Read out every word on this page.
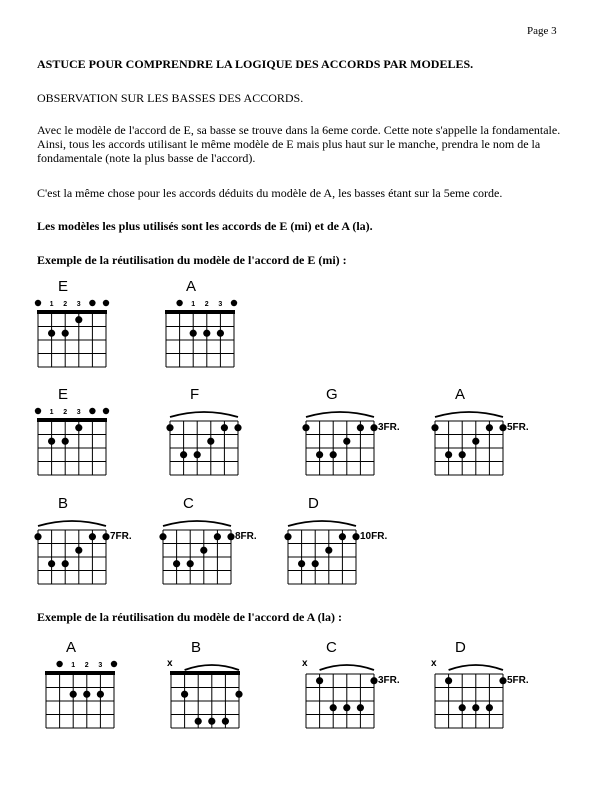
Page 3

ASTUCE POUR COMPRENDRE LA LOGIQUE DES ACCORDS PAR MODELES.

OBSERVATION SUR LES BASSES DES ACCORDS.

Avec le modèle de l'accord de E, sa basse se trouve dans la 6eme corde. Cette note s'appelle la fondamentale. Ainsi, tous les accords utilisant le même modèle de E mais plus haut sur le manche, prendra le nom de la fondamentale (note la plus basse de l'accord).

C'est la même chose pour les accords déduits du modèle de A, les basses étant sur la 5eme corde.

Les modèles les plus utilisés sont les accords de E (mi) et de A (la).

Exemple de la réutilisation du modèle de l'accord de E (mi) :

Exemple de la réutilisation du modèle de l'accord de A (la) :

E
1 2 3
A
1 2 3
E
1 2 3
F	G
3FR.
A
5FR.
B
7FR.
C
8FR.
D
10FR.
A
1 2 3
B
x
C
x
3FR.
D
x
5FR.
